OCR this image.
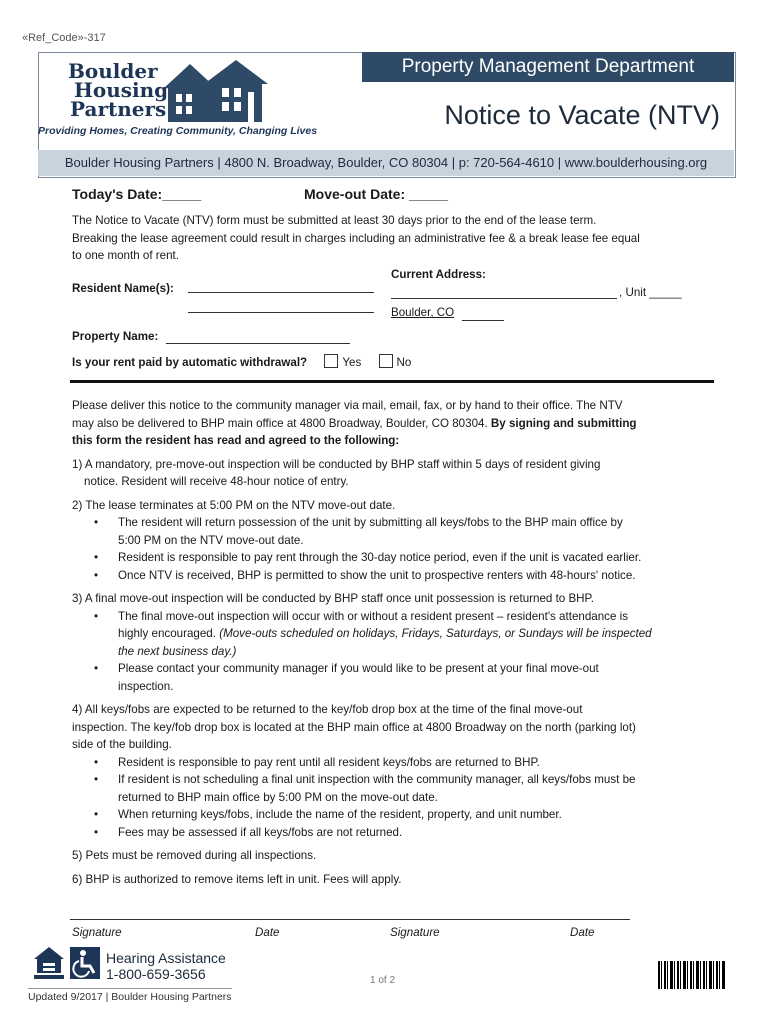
«Ref_Code»-317
Boulder
Housing
Partners
Providing Homes, Creating Community, Changing Lives
Property Management Department
Notice to Vacate (NTV)
Boulder Housing Partners | 4800 N. Broadway, Boulder, CO 80304 | p: 720-564-4610 | www.boulderhousing.org
Today's Date:_____	Move-out Date: _____
The Notice to Vacate (NTV) form must be submitted at least 30 days prior to the end of the lease term.
Breaking the lease agreement could result in charges including an administrative fee & a break lease fee equal
to one month of rent.
Current Address:
Resident Name(s):	, Unit _____
Boulder, CO
Property Name:
Is your rent paid by automatic withdrawal?	Yes	No
Please deliver this notice to the community manager via mail, email, fax, or by hand to their office. The NTV
may also be delivered to BHP main office at 4800 Broadway, Boulder, CO 80304. By signing and submitting
this form the resident has read and agreed to the following:
1) A mandatory, pre-move-out inspection will be conducted by BHP staff within 5 days of resident giving
notice. Resident will receive 48-hour notice of entry.
2) The lease terminates at 5:00 PM on the NTV move-out date.
• The resident will return possession of the unit by submitting all keys/fobs to the BHP main office by
5:00 PM on the NTV move-out date.
• Resident is responsible to pay rent through the 30-day notice period, even if the unit is vacated earlier.
• Once NTV is received, BHP is permitted to show the unit to prospective renters with 48-hours' notice.
3) A final move-out inspection will be conducted by BHP staff once unit possession is returned to BHP.
• The final move-out inspection will occur with or without a resident present – resident's attendance is
highly encouraged. (Move-outs scheduled on holidays, Fridays, Saturdays, or Sundays will be inspected
the next business day.)
• Please contact your community manager if you would like to be present at your final move-out
inspection.
4) All keys/fobs are expected to be returned to the key/fob drop box at the time of the final move-out
inspection. The key/fob drop box is located at the BHP main office at 4800 Broadway on the north (parking lot)
side of the building.
• Resident is responsible to pay rent until all resident keys/fobs are returned to BHP.
• If resident is not scheduling a final unit inspection with the community manager, all keys/fobs must be
returned to BHP main office by 5:00 PM on the move-out date.
• When returning keys/fobs, include the name of the resident, property, and unit number.
• Fees may be assessed if all keys/fobs are not returned.
5) Pets must be removed during all inspections.
6) BHP is authorized to remove items left in unit. Fees will apply.
Signature	Date	Signature	Date
Hearing Assistance
1-800-659-3656
Updated 9/2017 | Boulder Housing Partners
1 of 2
